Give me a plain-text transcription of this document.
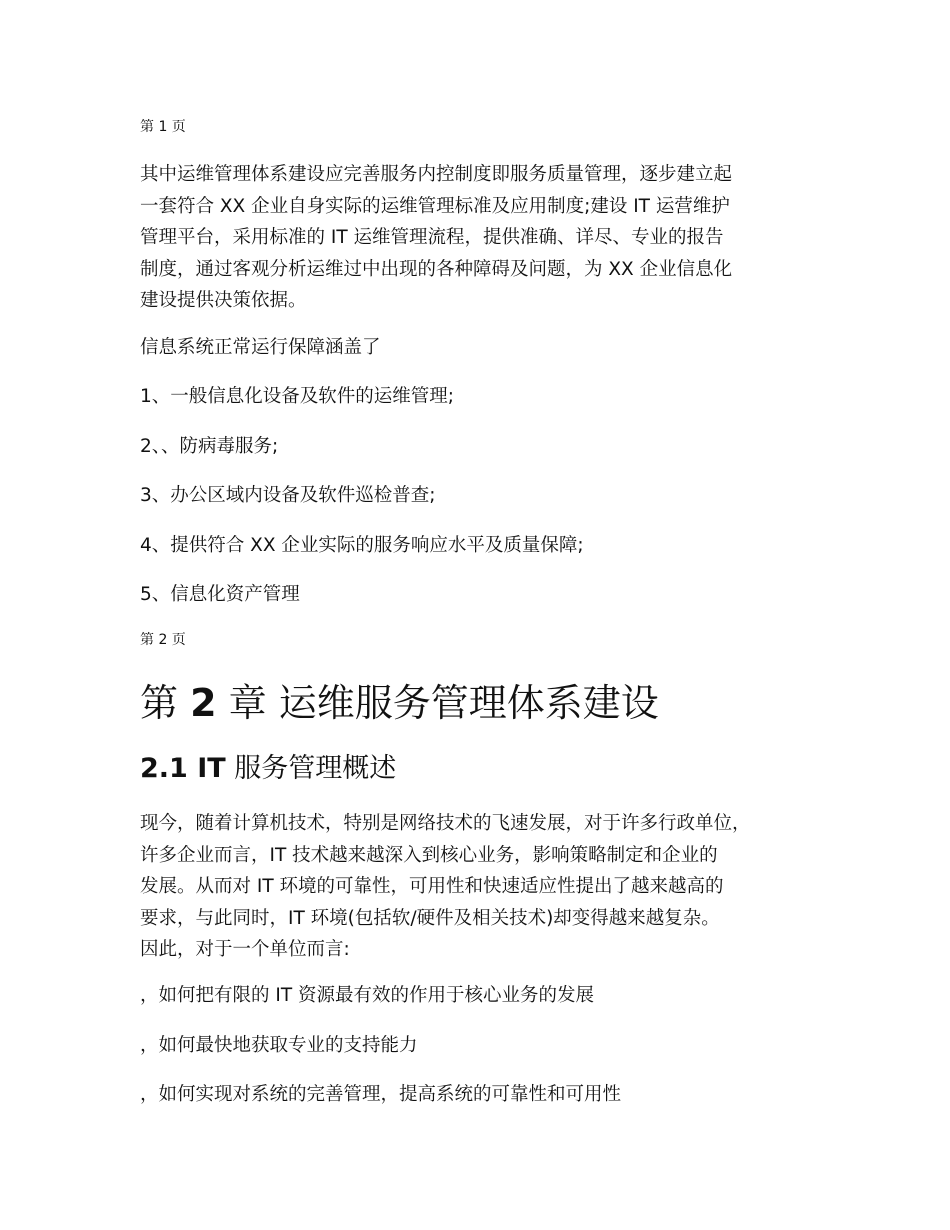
第 1 页
其中运维管理体系建设应完善服务内控制度即服务质量管理，逐步建立起
一套符合 XX 企业自身实际的运维管理标准及应用制度;建设 IT 运营维护
管理平台，采用标准的 IT 运维管理流程，提供准确、详尽、专业的报告
制度，通过客观分析运维过中出现的各种障碍及问题，为 XX 企业信息化
建设提供决策依据。
信息系统正常运行保障涵盖了
1、一般信息化设备及软件的运维管理;
2、、防病毒服务;
3、办公区域内设备及软件巡检普查;
4、提供符合 XX 企业实际的服务响应水平及质量保障;
5、信息化资产管理
第 2 页
第 2 章 运维服务管理体系建设
2.1 IT 服务管理概述
现今，随着计算机技术，特别是网络技术的飞速发展，对于许多行政单位，
许多企业而言，IT 技术越来越深入到核心业务，影响策略制定和企业的
发展。从而对 IT 环境的可靠性，可用性和快速适应性提出了越来越高的
要求，与此同时，IT 环境(包括软/硬件及相关技术)却变得越来越复杂。
因此，对于一个单位而言:
，如何把有限的 IT 资源最有效的作用于核心业务的发展
，如何最快地获取专业的支持能力
，如何实现对系统的完善管理，提高系统的可靠性和可用性
